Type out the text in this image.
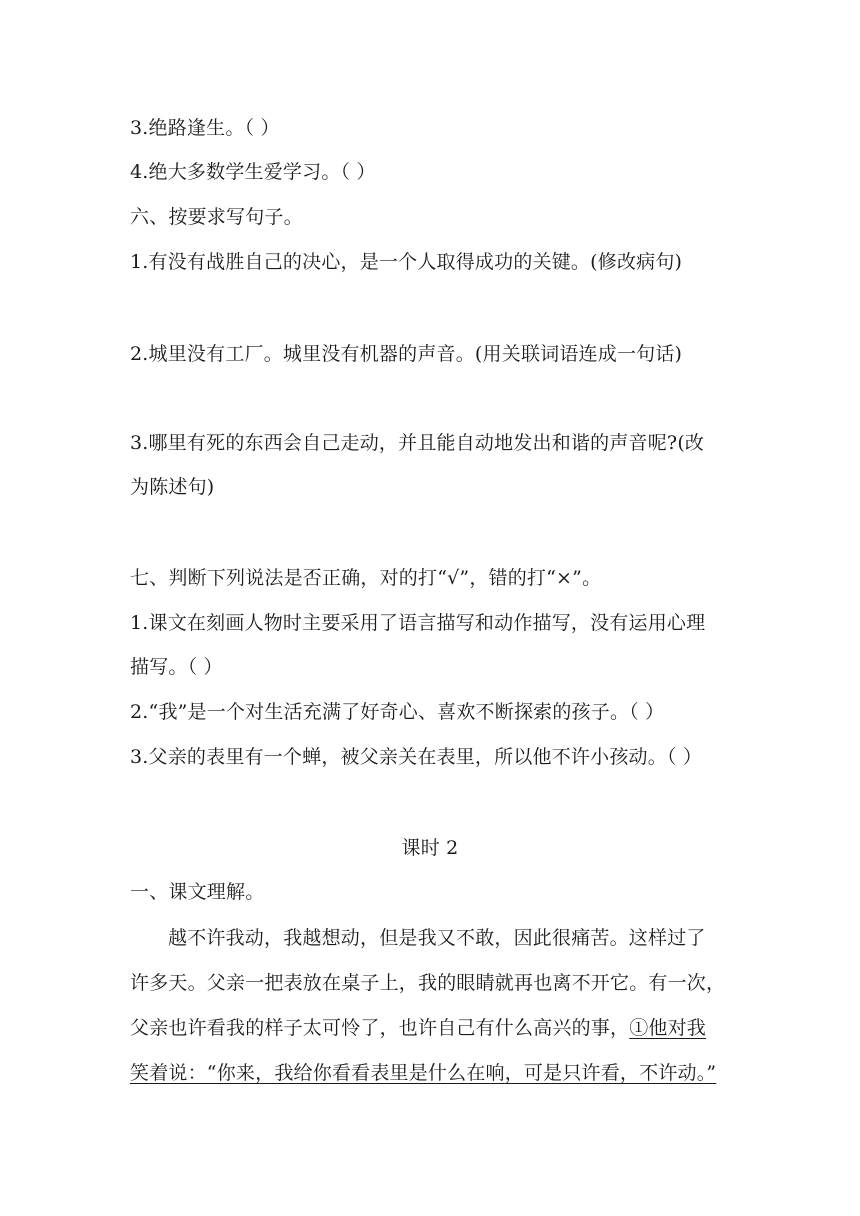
3.绝路逢生。（ ）
4.绝大多数学生爱学习。（ ）
六、按要求写句子。
1.有没有战胜自己的决心，是一个人取得成功的关键。(修改病句)
2.城里没有工厂。城里没有机器的声音。(用关联词语连成一句话)
3.哪里有死的东西会自己走动，并且能自动地发出和谐的声音呢?(改
为陈述句)
七、判断下列说法是否正确，对的打“√”，错的打“×”。
1.课文在刻画人物时主要采用了语言描写和动作描写，没有运用心理
描写。（ ）
2.“我”是一个对生活充满了好奇心、喜欢不断探索的孩子。（ ）
3.父亲的表里有一个蝉，被父亲关在表里，所以他不许小孩动。（ ）
课时 2
一、课文理解。
越不许我动，我越想动，但是我又不敢，因此很痛苦。这样过了
许多天。父亲一把表放在桌子上，我的眼睛就再也离不开它。有一次，
父亲也许看我的样子太可怜了，也许自己有什么高兴的事，①他对我
笑着说：“你来，我给你看看表里是什么在响，可是只许看，不许动。”
